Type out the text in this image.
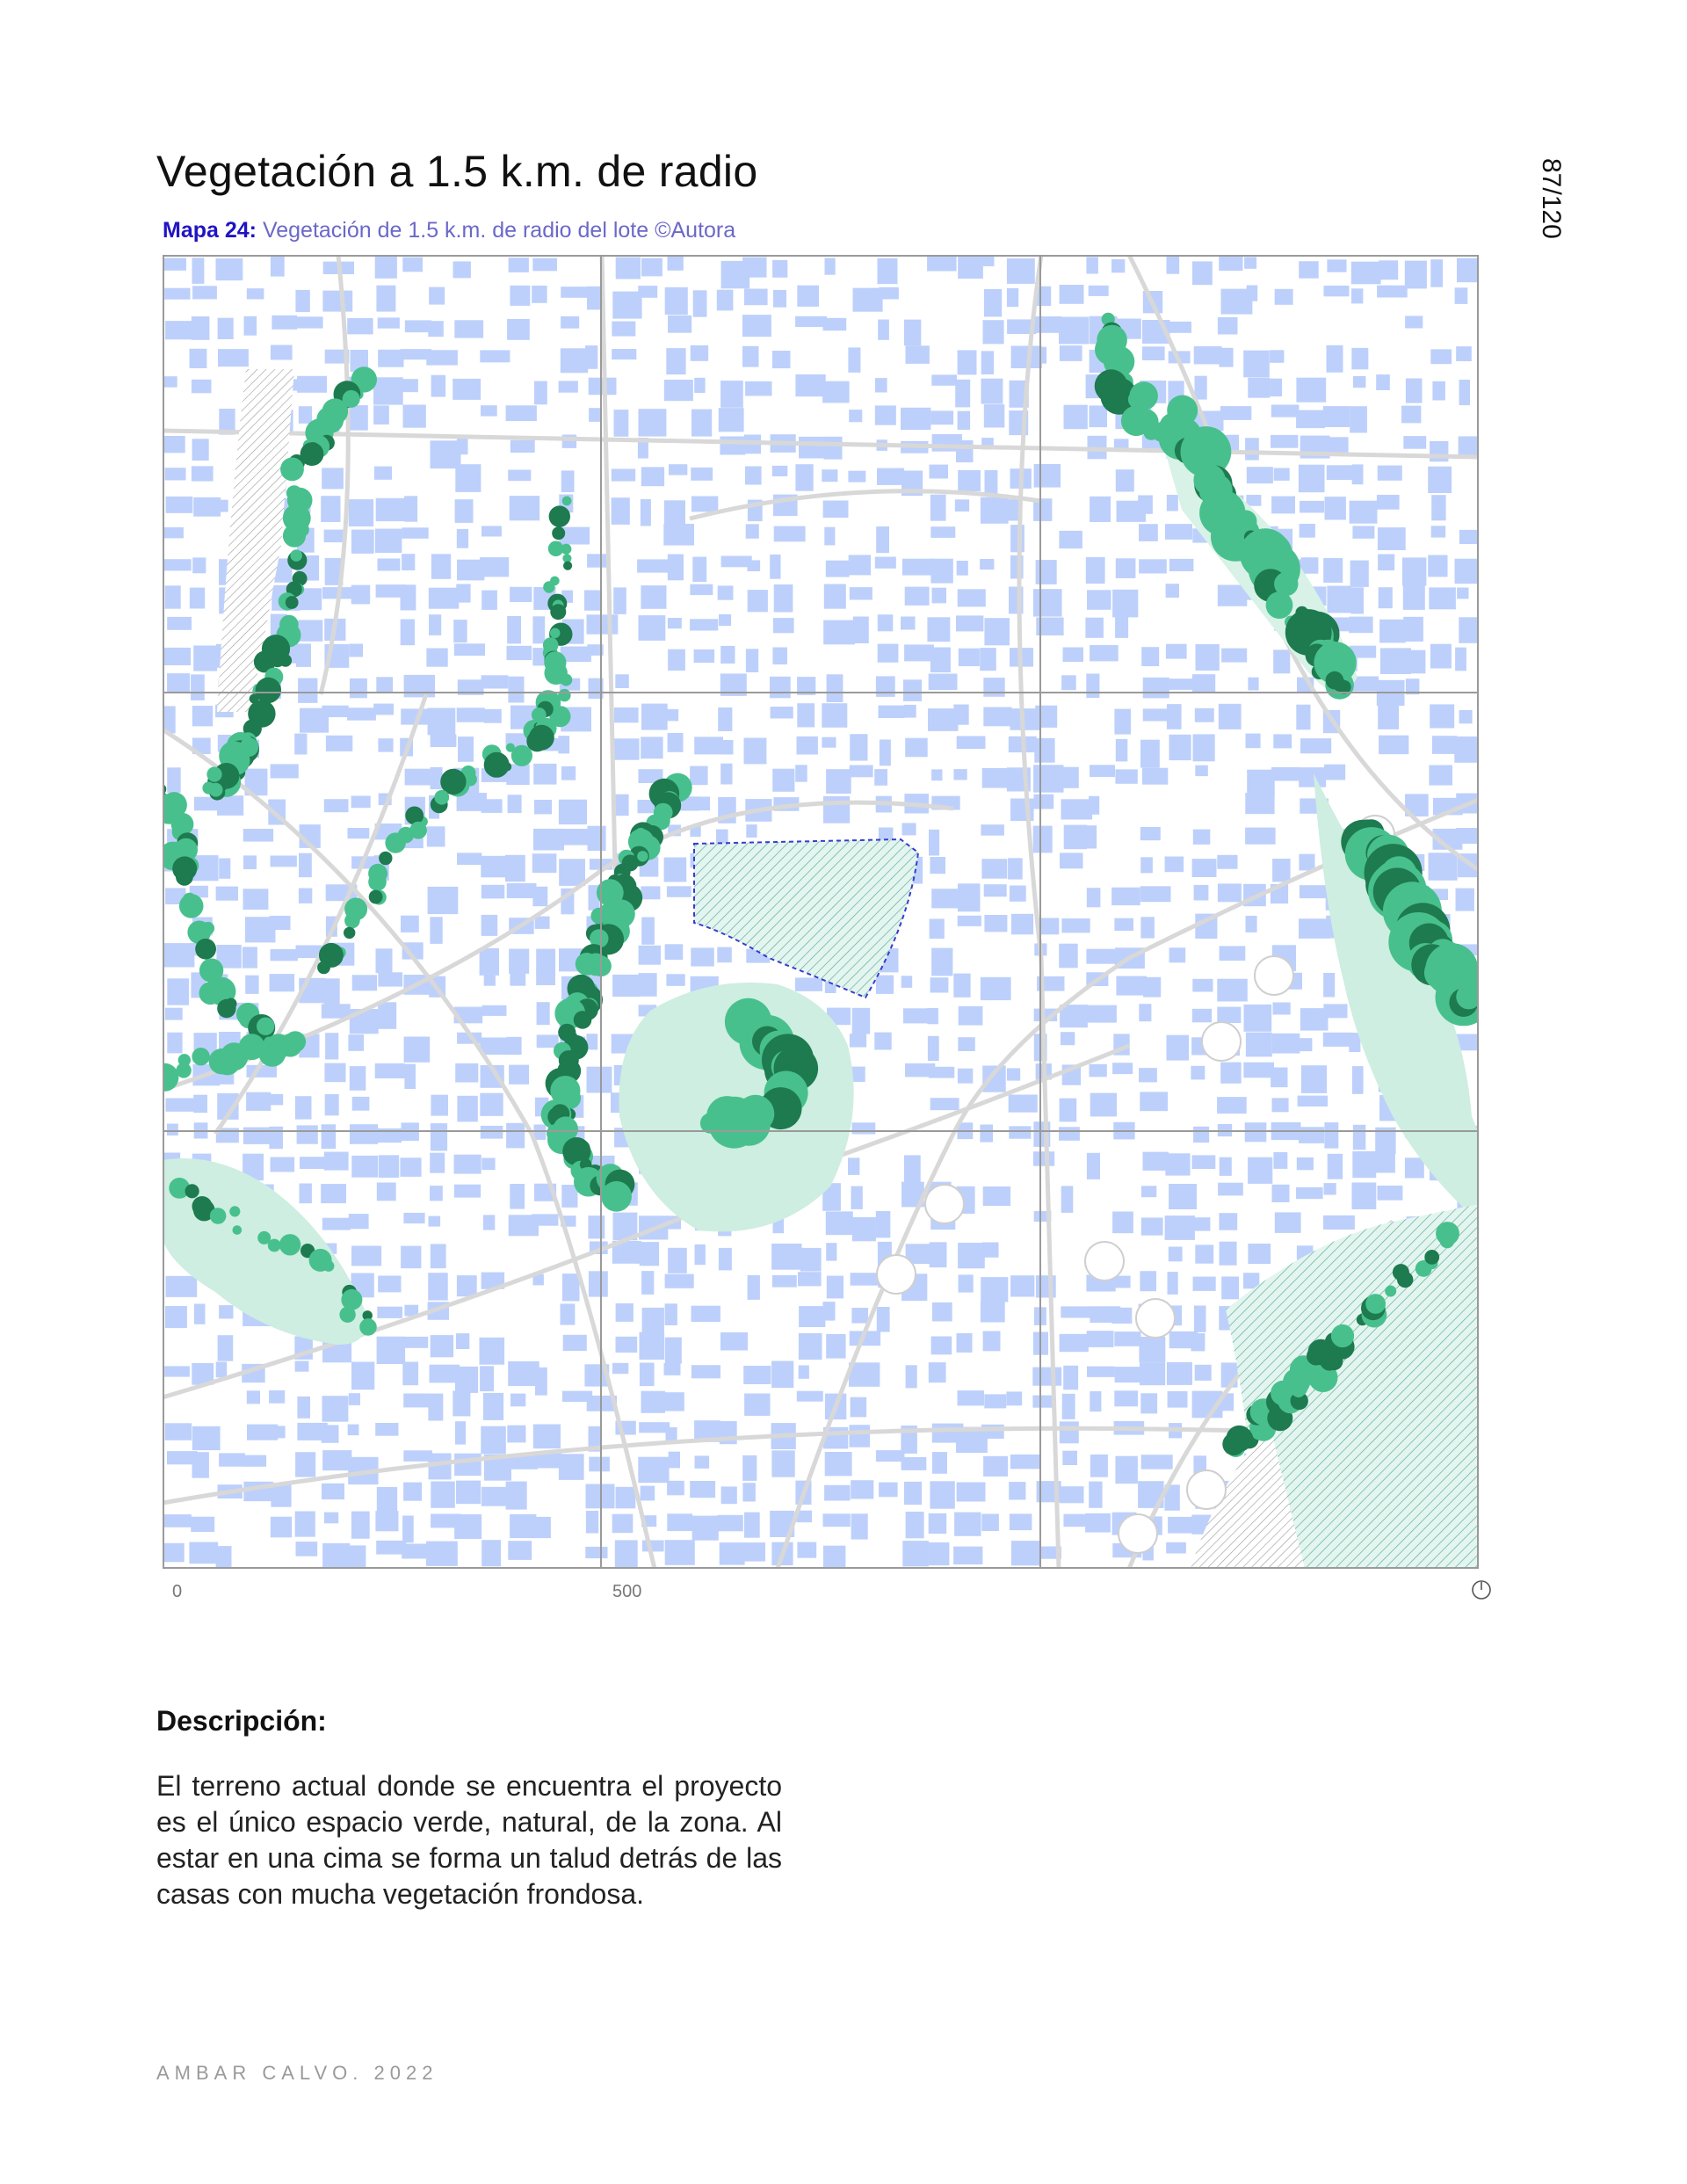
Vegetación a 1.5 k.m. de radio	87/120
Mapa 24: Vegetación de 1.5 k.m. de radio del lote ©Autora
0	500
Descripción:

El terreno actual donde se encuentra el proyecto es el único espacio verde, natural, de la zona. Al estar en una cima se forma un talud detrás de las casas con mucha vegetación frondosa.

AMBAR CALVO. 2022
